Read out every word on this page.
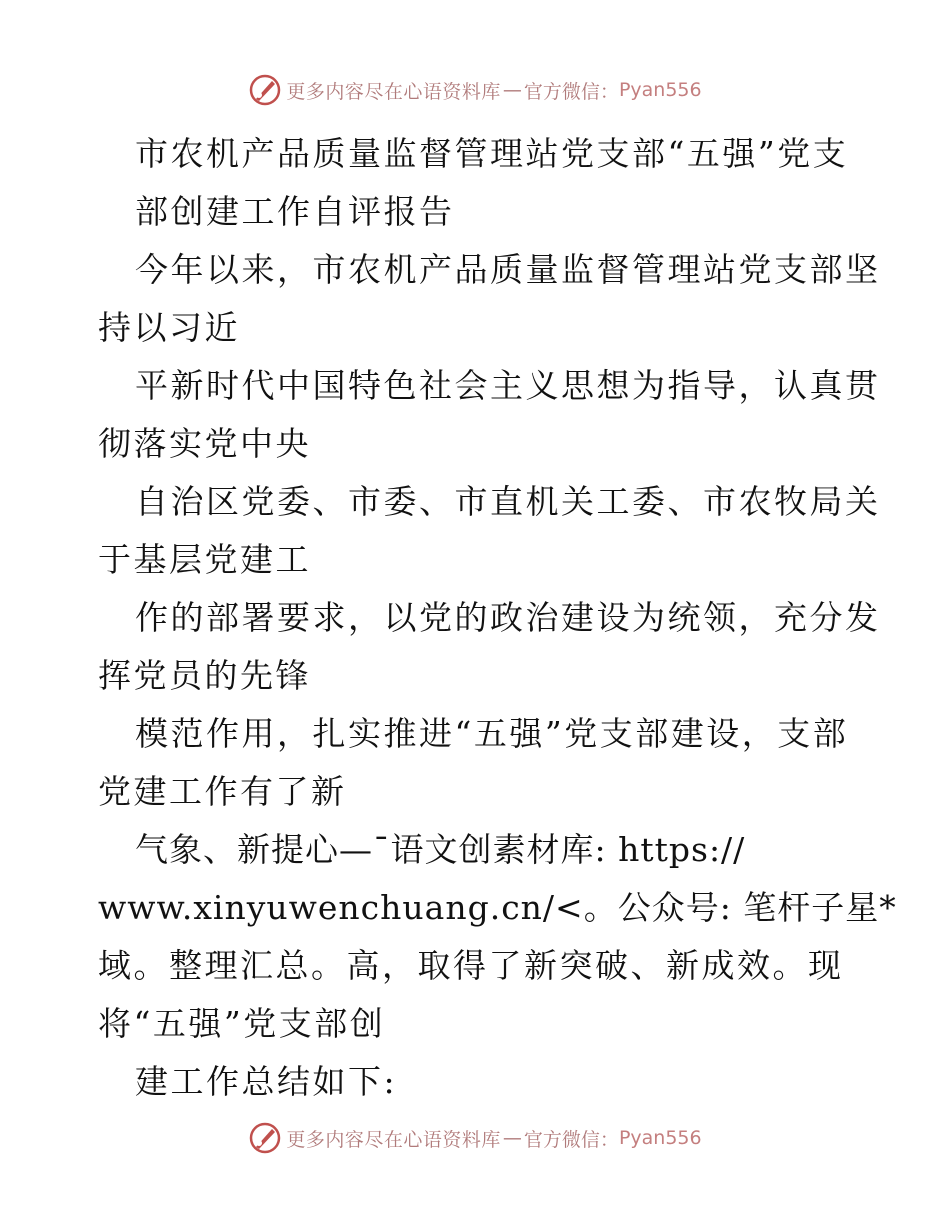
更多内容尽在心语资料库 — 官方微信： Pyan556
市农机产品质量监督管理站党支部“五强”党支
部创建工作自评报告
今年以来，市农机产品质量监督管理站党支部坚
持以习近
平新时代中国特色社会主义思想为指导，认真贯
彻落实党中央
自治区党委、市委、市直机关工委、市农牧局关
于基层党建工
作的部署要求，以党的政治建设为统领，充分发
挥党员的先锋
模范作用，扎实推进“五强”党支部建设，支部
党建工作有了新
气象、新提心—¯语文创素材库: https://
www.xinyuwenchuang.cn/<。公众号: 笔杆子星*
域。整理汇总。高，取得了新突破、新成效。现
将“五强”党支部创
建工作总结如下:
更多内容尽在心语资料库 — 官方微信： Pyan556
